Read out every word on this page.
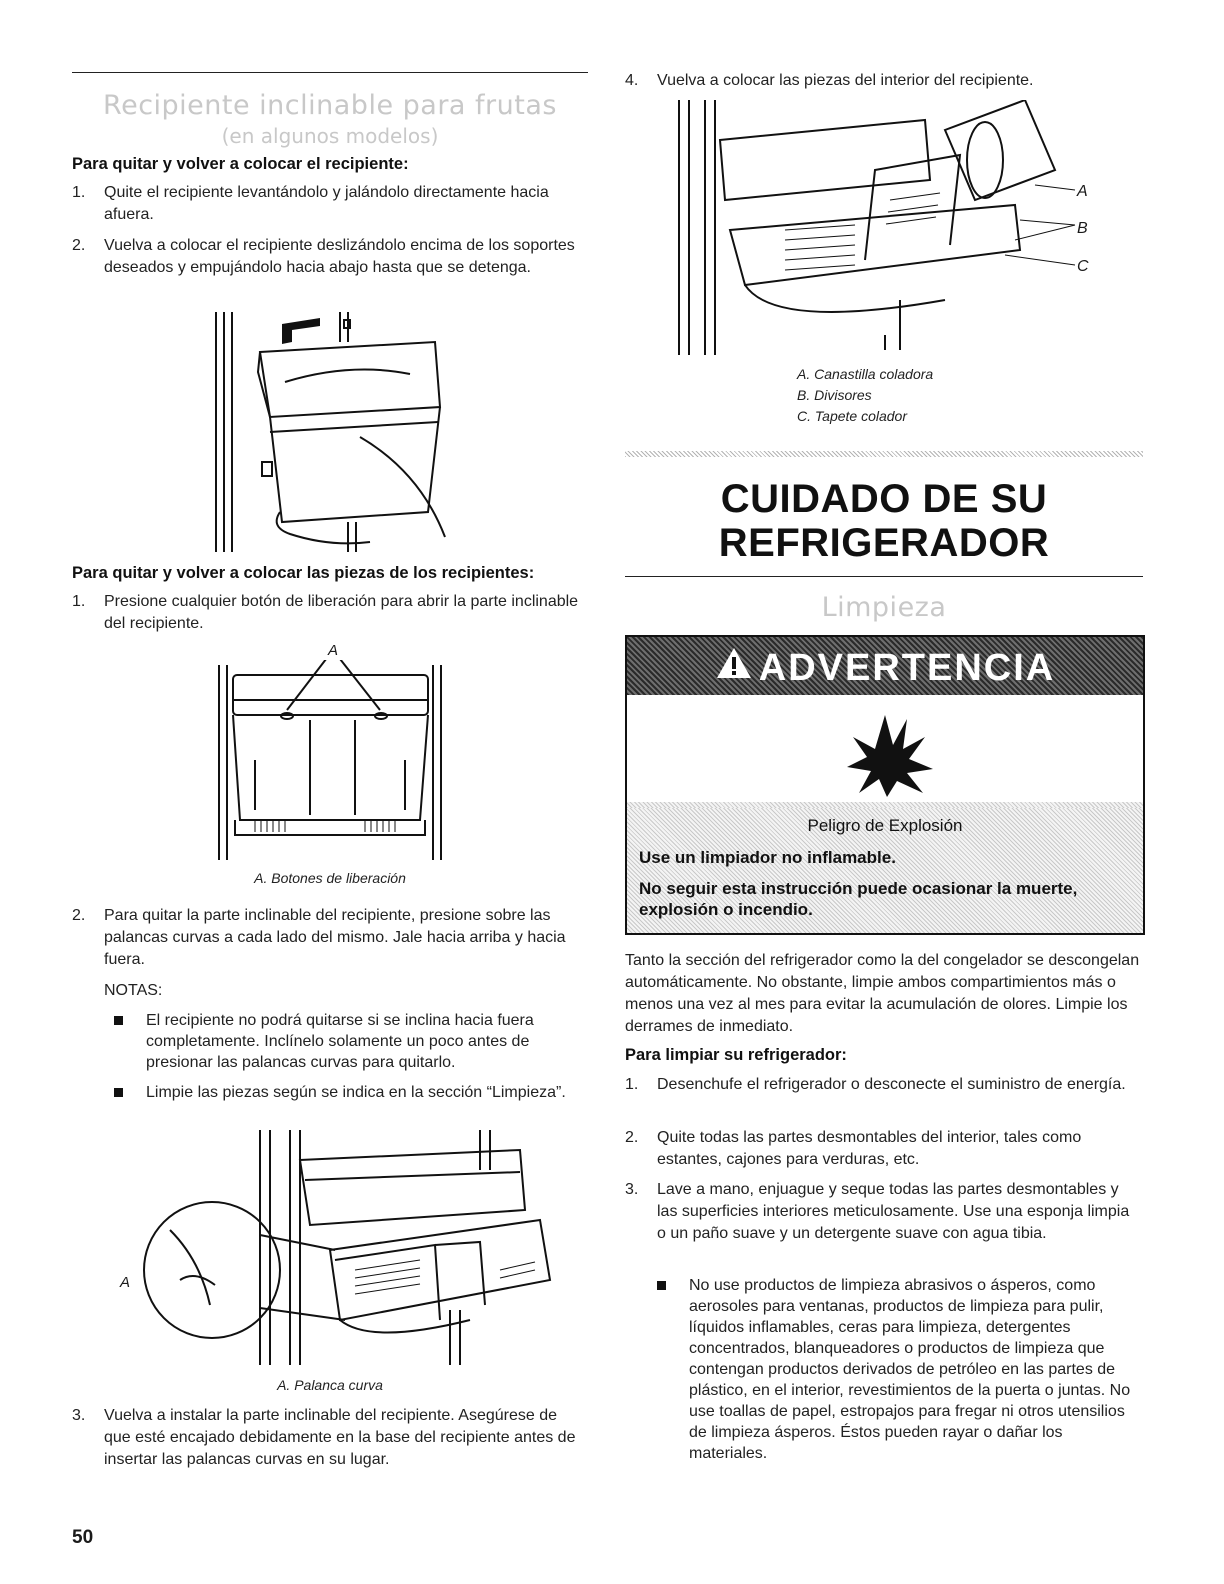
Recipiente inclinable para frutas
(en algunos modelos)
Para quitar y volver a colocar el recipiente:
1. Quite el recipiente levantándolo y jalándolo directamente hacia afuera.
2. Vuelva a colocar el recipiente deslizándolo encima de los soportes deseados y empujándolo hacia abajo hasta que se detenga.
Para quitar y volver a colocar las piezas de los recipientes:
1. Presione cualquier botón de liberación para abrir la parte inclinable del recipiente.
A
A. Botones de liberación
2. Para quitar la parte inclinable del recipiente, presione sobre las palancas curvas a cada lado del mismo. Jale hacia arriba y hacia fuera.
NOTAS:
El recipiente no podrá quitarse si se inclina hacia fuera completamente. Inclínelo solamente un poco antes de presionar las palancas curvas para quitarlo.
Limpie las piezas según se indica en la sección “Limpieza”.
A
A. Palanca curva
3. Vuelva a instalar la parte inclinable del recipiente. Asegúrese de que esté encajado debidamente en la base del recipiente antes de insertar las palancas curvas en su lugar.
50
4. Vuelva a colocar las piezas del interior del recipiente.
A
B
C
A. Canastilla coladora
B. Divisores
C. Tapete colador
CUIDADO DE SU
REFRIGERADOR
Limpieza
ADVERTENCIA
Peligro de Explosión
Use un limpiador no inflamable.
No seguir esta instrucción puede ocasionar la muerte, explosión o incendio.
Tanto la sección del refrigerador como la del congelador se descongelan automáticamente. No obstante, limpie ambos compartimientos más o menos una vez al mes para evitar la acumulación de olores. Limpie los derrames de inmediato.
Para limpiar su refrigerador:
1. Desenchufe el refrigerador o desconecte el suministro de energía.
2. Quite todas las partes desmontables del interior, tales como estantes, cajones para verduras, etc.
3. Lave a mano, enjuague y seque todas las partes desmontables y las superficies interiores meticulosamente. Use una esponja limpia o un paño suave y un detergente suave con agua tibia.
No use productos de limpieza abrasivos o ásperos, como aerosoles para ventanas, productos de limpieza para pulir, líquidos inflamables, ceras para limpieza, detergentes concentrados, blanqueadores o productos de limpieza que contengan productos derivados de petróleo en las partes de plástico, en el interior, revestimientos de la puerta o juntas. No use toallas de papel, estropajos para fregar ni otros utensilios de limpieza ásperos. Éstos pueden rayar o dañar los materiales.
